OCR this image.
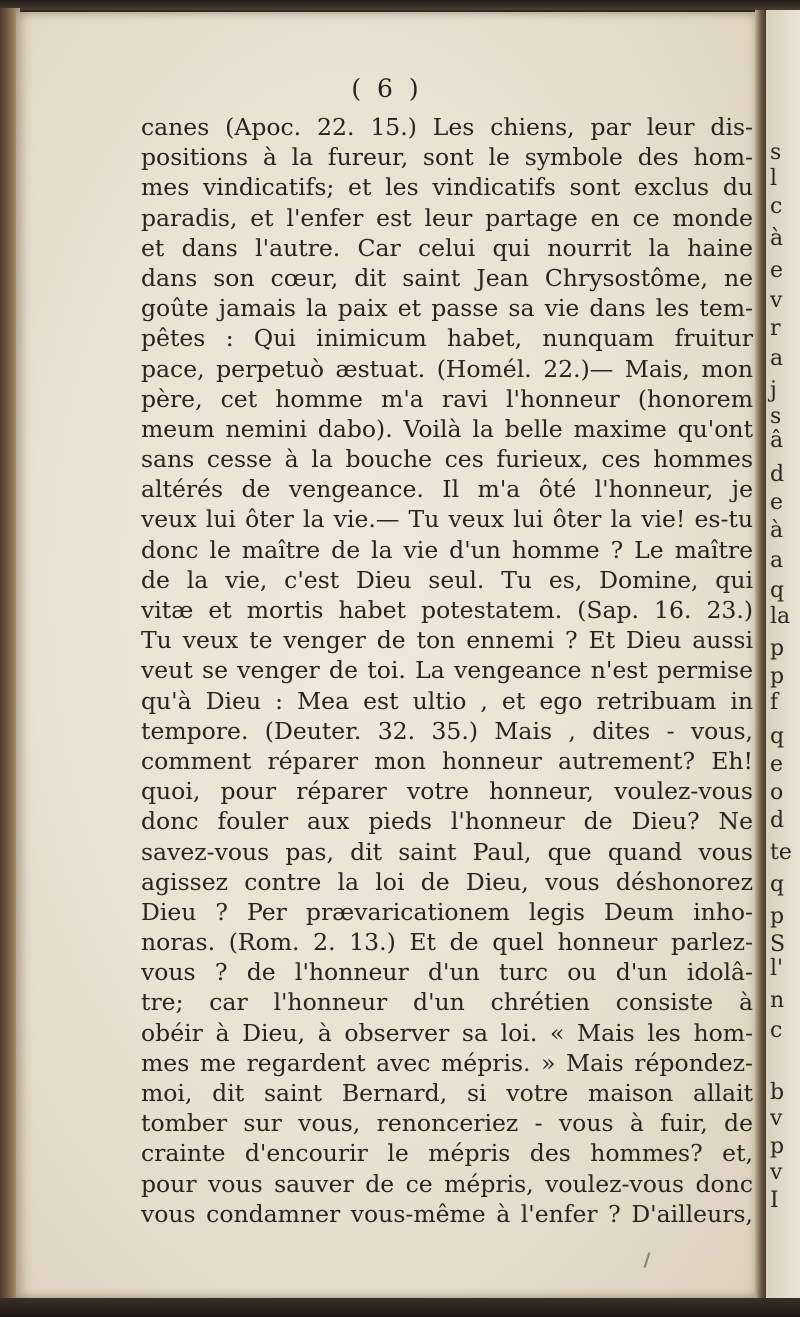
( 6 )
canes (Apoc. 22. 15.) Les chiens, par leur dis-
positions à la fureur, sont le symbole des hom-
mes vindicatifs; et les vindicatifs sont exclus du
paradis, et l'enfer est leur partage en ce monde
et dans l'autre. Car celui qui nourrit la haine
dans son cœur, dit saint Jean Chrysostôme, ne
goûte jamais la paix et passe sa vie dans les tem-
pêtes : Qui inimicum habet, nunquam fruitur
pace, perpetuò æstuat. (Homél. 22.)— Mais, mon
père, cet homme m'a ravi l'honneur (honorem
meum nemini dabo). Voilà la belle maxime qu'ont
sans cesse à la bouche ces furieux, ces hommes
altérés de vengeance. Il m'a ôté l'honneur, je
veux lui ôter la vie.— Tu veux lui ôter la vie! es-tu
donc le maître de la vie d'un homme ? Le maître
de la vie, c'est Dieu seul. Tu es, Domine, qui
vitæ et mortis habet potestatem. (Sap. 16. 23.)
Tu veux te venger de ton ennemi ? Et Dieu aussi
veut se venger de toi. La vengeance n'est permise
qu'à Dieu : Mea est ultio , et ego retribuam in
tempore. (Deuter. 32. 35.) Mais , dites - vous,
comment réparer mon honneur autrement? Eh!
quoi, pour réparer votre honneur, voulez-vous
donc fouler aux pieds l'honneur de Dieu? Ne
savez-vous pas, dit saint Paul, que quand vous
agissez contre la loi de Dieu, vous déshonorez
Dieu ? Per prævaricationem legis Deum inho-
noras. (Rom. 2. 13.) Et de quel honneur parlez-
vous ? de l'honneur d'un turc ou d'un idolâ-
tre; car l'honneur d'un chrétien consiste à
obéir à Dieu, à observer sa loi. « Mais les hom-
mes me regardent avec mépris. » Mais répondez-
moi, dit saint Bernard, si votre maison allait
tomber sur vous, renonceriez - vous à fuir, de
crainte d'encourir le mépris des hommes? et,
pour vous sauver de ce mépris, voulez-vous donc
vous condamner vous-même à l'enfer ? D'ailleurs,
s
l
c
à
e
v
r
a
j
s
â
d
e
à
a
q
la
p
p
f
q
e
o
d
te
q
p
S
l'
n
c
b
v
p
v
I
